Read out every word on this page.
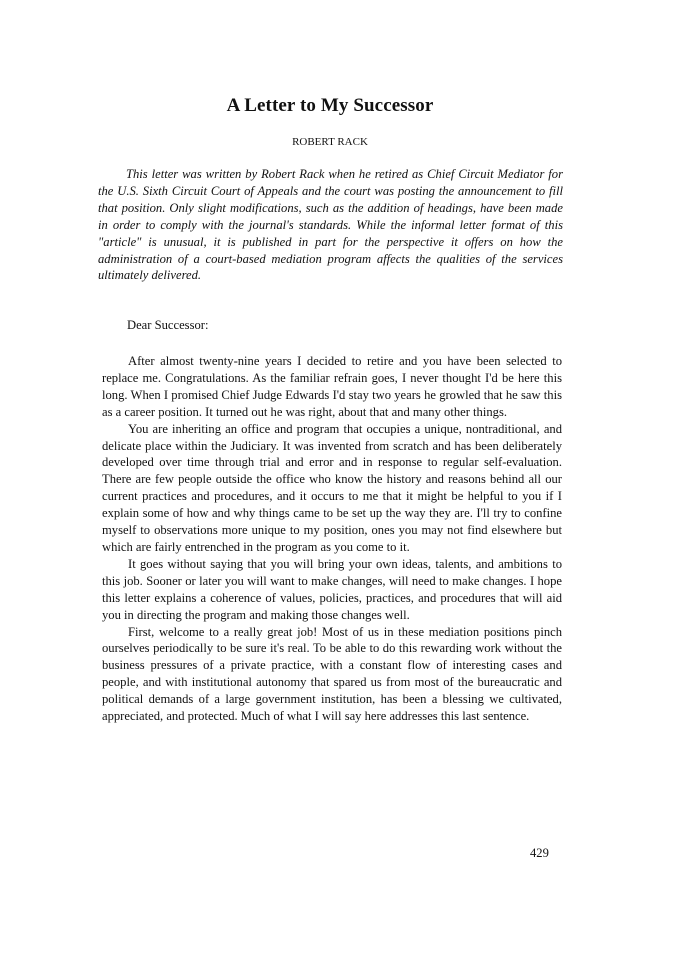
A Letter to My Successor
ROBERT RACK

This letter was written by Robert Rack when he retired as Chief Circuit Mediator for the U.S. Sixth Circuit Court of Appeals and the court was posting the announcement to fill that position. Only slight modifications, such as the addition of headings, have been made in order to comply with the journal's standards. While the informal letter format of this "article" is unusual, it is published in part for the perspective it offers on how the administration of a court-based mediation program affects the qualities of the services ultimately delivered.

Dear Successor:

After almost twenty-nine years I decided to retire and you have been selected to replace me. Congratulations. As the familiar refrain goes, I never thought I'd be here this long. When I promised Chief Judge Edwards I'd stay two years he growled that he saw this as a career position. It turned out he was right, about that and many other things.

You are inheriting an office and program that occupies a unique, nontraditional, and delicate place within the Judiciary. It was invented from scratch and has been deliberately developed over time through trial and error and in response to regular self-evaluation. There are few people outside the office who know the history and reasons behind all our current practices and procedures, and it occurs to me that it might be helpful to you if I explain some of how and why things came to be set up the way they are. I'll try to confine myself to observations more unique to my position, ones you may not find elsewhere but which are fairly entrenched in the program as you come to it.

It goes without saying that you will bring your own ideas, talents, and ambitions to this job. Sooner or later you will want to make changes, will need to make changes. I hope this letter explains a coherence of values, policies, practices, and procedures that will aid you in directing the program and making those changes well.

First, welcome to a really great job! Most of us in these mediation positions pinch ourselves periodically to be sure it's real. To be able to do this rewarding work without the business pressures of a private practice, with a constant flow of interesting cases and people, and with institutional autonomy that spared us from most of the bureaucratic and political demands of a large government institution, has been a blessing we cultivated, appreciated, and protected. Much of what I will say here addresses this last sentence.

429
